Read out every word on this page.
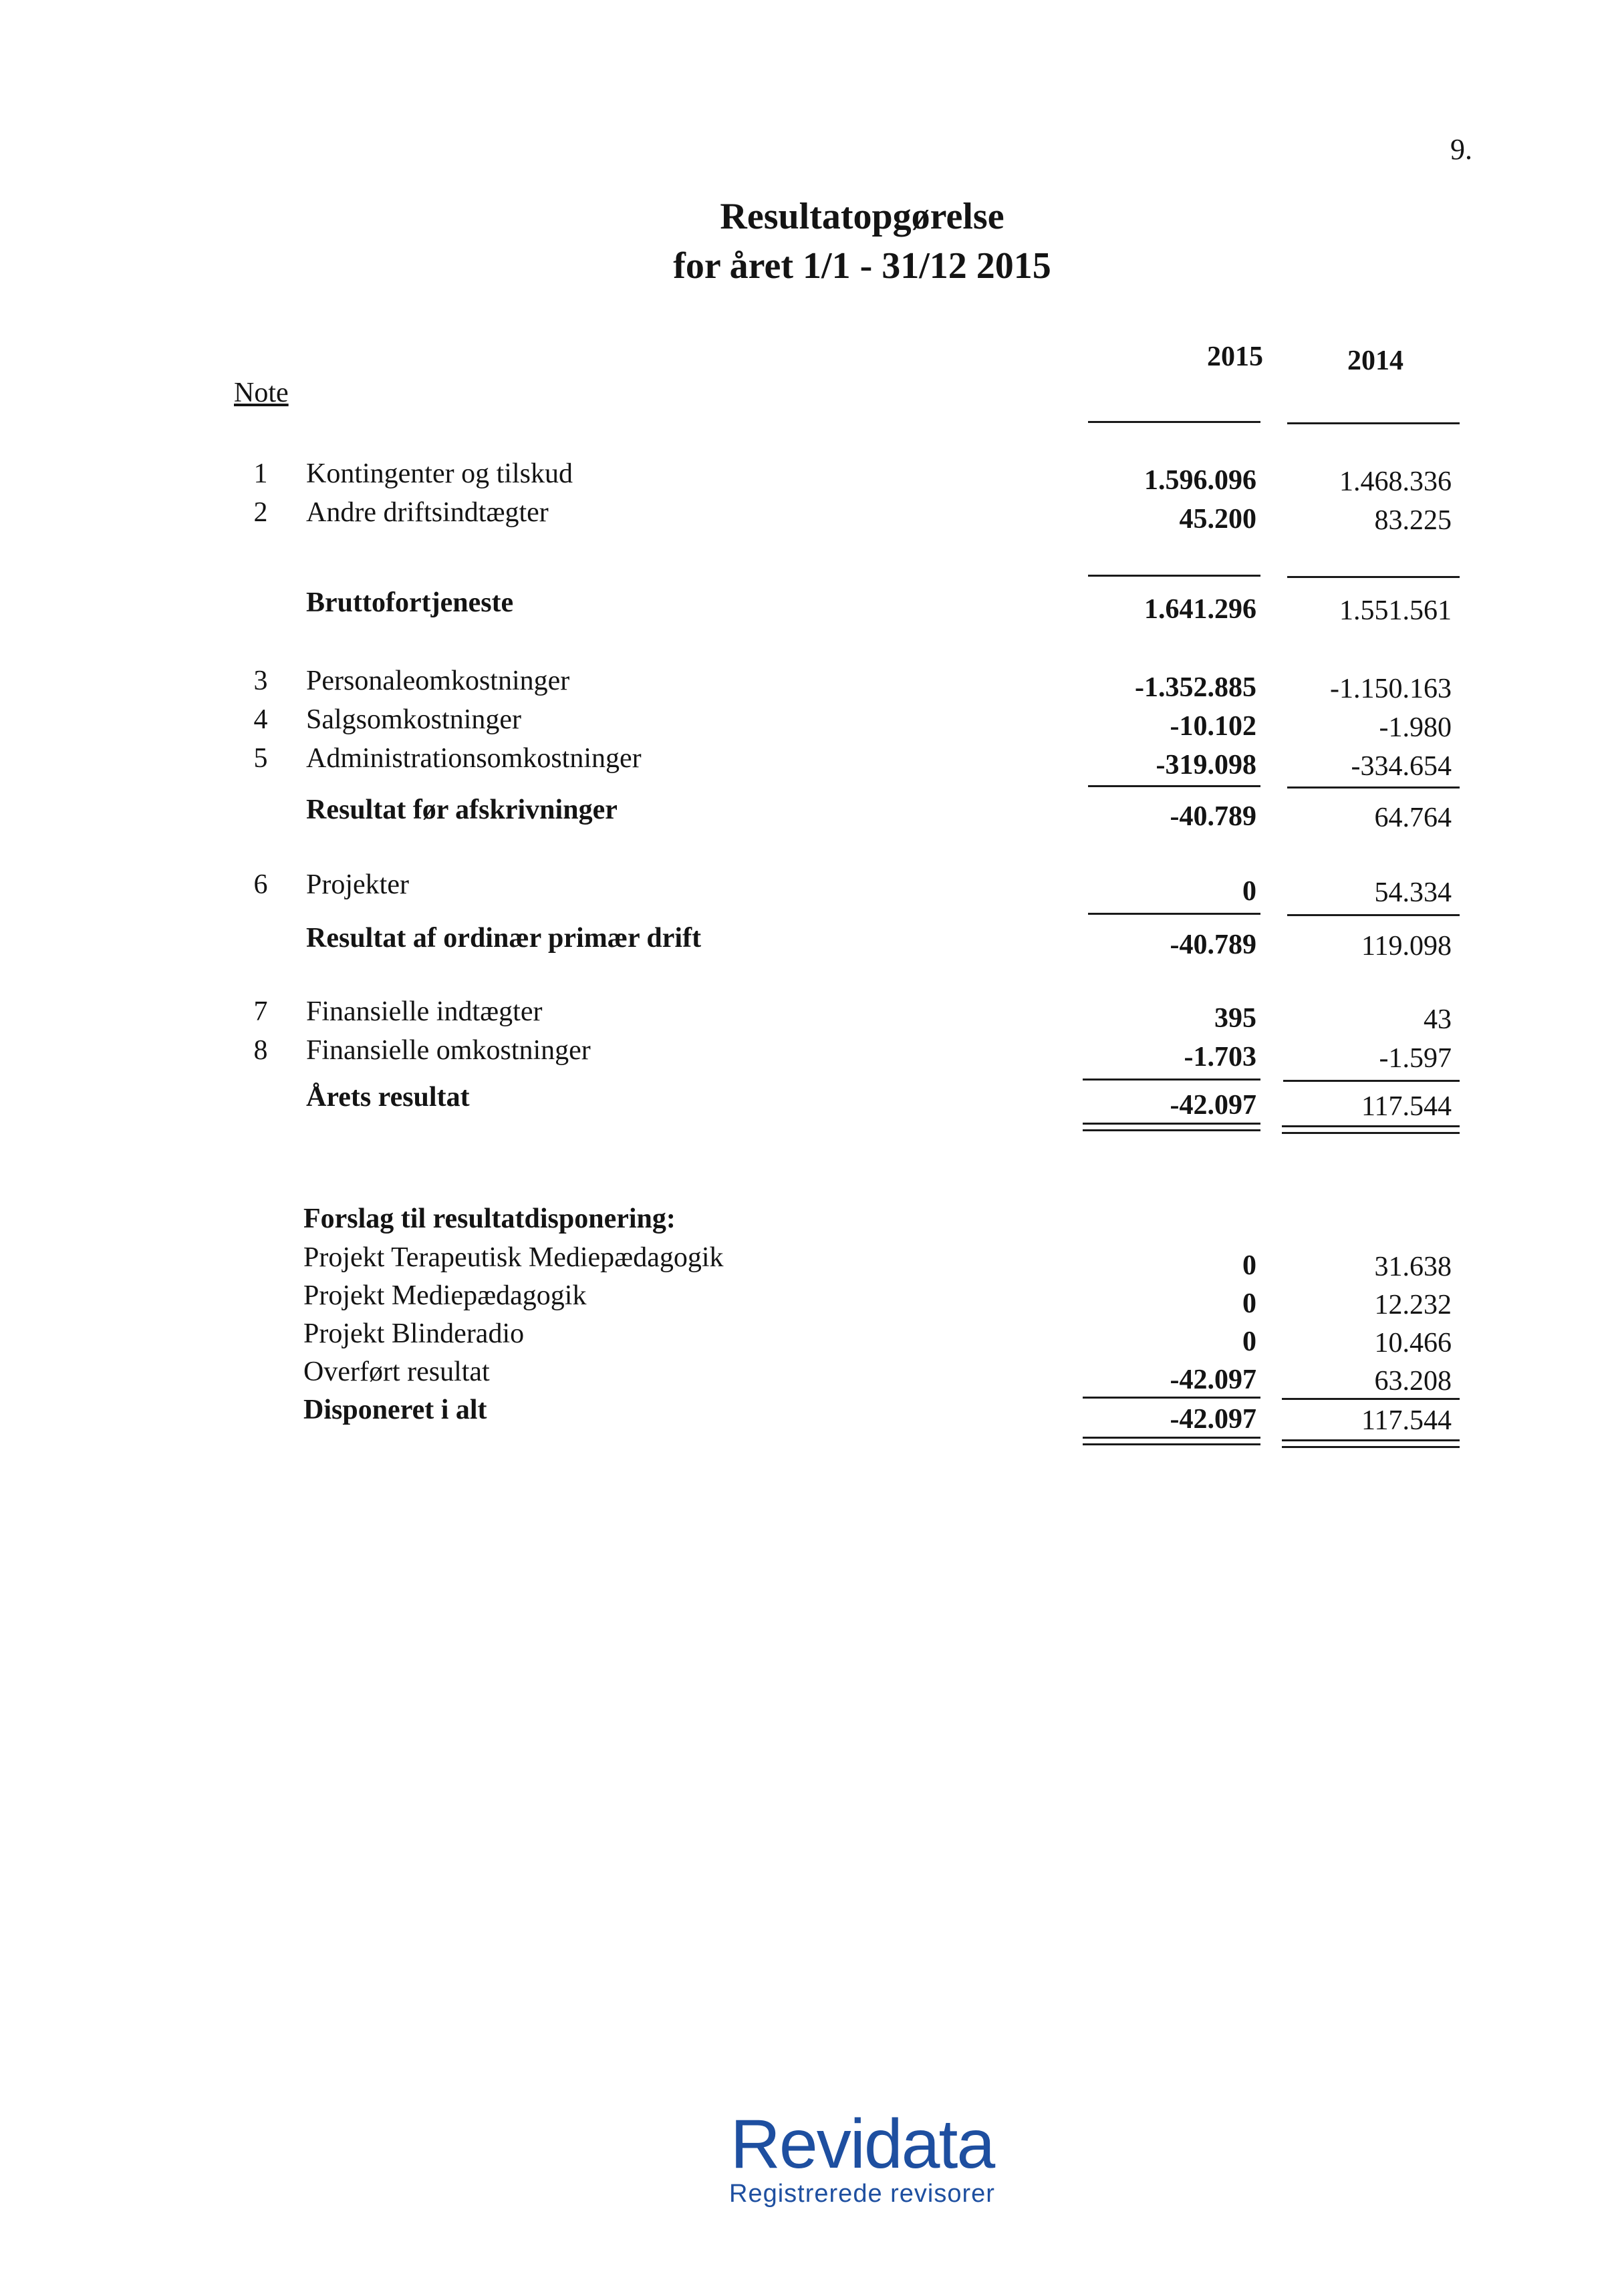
9.
Resultatopgørelse
for året 1/1 - 31/12 2015
2015	2014
Note
1 Kontingenter og tilskud	1.596.096	1.468.336
2 Andre driftsindtægter	45.200	83.225
Bruttofortjeneste	1.641.296	1.551.561
3 Personaleomkostninger	-1.352.885	-1.150.163
4 Salgsomkostninger	-10.102	-1.980
5 Administrationsomkostninger	-319.098	-334.654
Resultat før afskrivninger	-40.789	64.764
6 Projekter	0	54.334
Resultat af ordinær primær drift	-40.789	119.098
7 Finansielle indtægter	395	43
8 Finansielle omkostninger	-1.703	-1.597
Årets resultat	-42.097	117.544
Forslag til resultatdisponering:
Projekt Terapeutisk Mediepædagogik	0	31.638
Projekt Mediepædagogik	0	12.232
Projekt Blinderadio	0	10.466
Overført resultat	-42.097	63.208
Disponeret i alt	-42.097	117.544
Revidata
Registrerede revisorer
